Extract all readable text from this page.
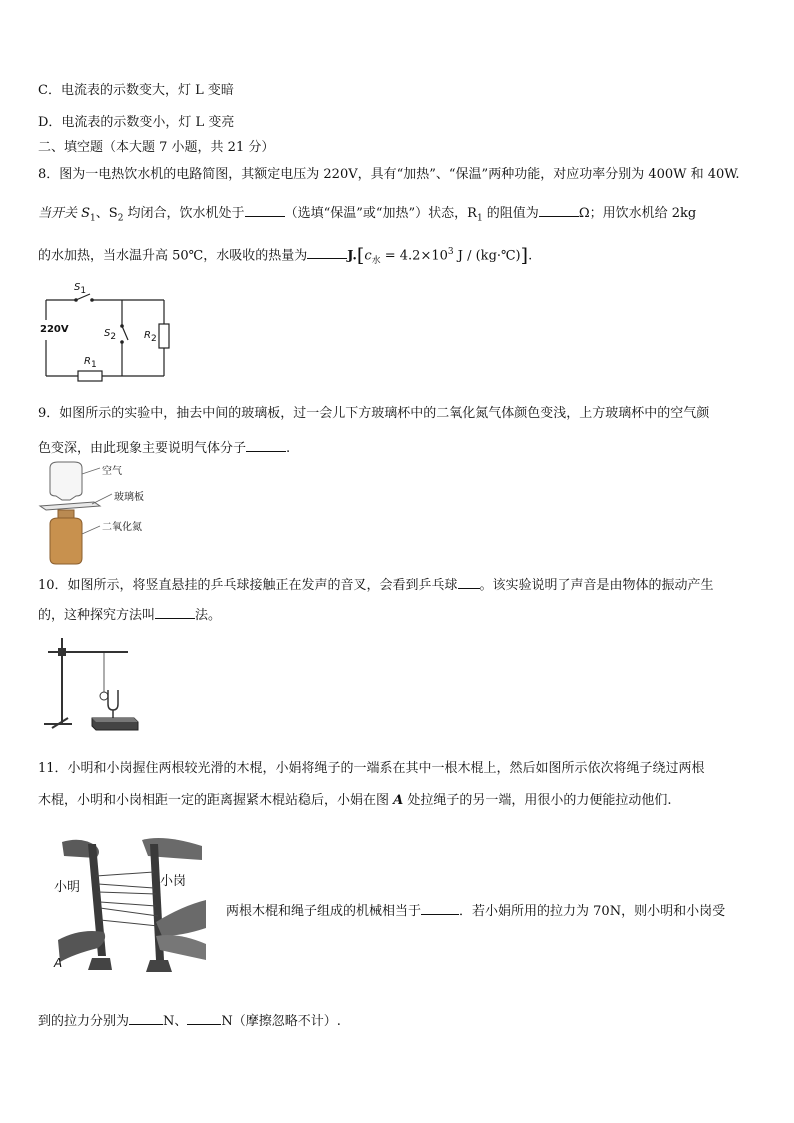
C．电流表的示数变大，灯 L 变暗
D．电流表的示数变小，灯 L 变亮
二、填空题（本大题 7 小题，共 21 分）
8．图为一电热饮水机的电路简图，其额定电压为 220V，具有“加热”、“保温”两种功能，对应功率分别为 400W 和 40W.
当开关 $S_1$、$S_2$ 均闭合，饮水机处于	（选填“保温”或“加热”）状态，$R_1$ 的阻值为	Ω；用饮水机给 2kg
的水加热，当水温升高 50℃，水吸收的热量为	$J.[c_水 = 4.2\times 10^3$ J / (kg·℃)].
S1
220V	S2	R2
R1
9．如图所示的实验中，抽去中间的玻璃板，过一会儿下方玻璃杯中的二氧化氮气体颜色变浅，上方玻璃杯中的空气颜
色变深，由此现象主要说明气体分子	.
空气
玻璃板
二氧化氮
10．如图所示，将竖直悬挂的乒乓球接触正在发声的音叉，会看到乒乓球 。该实验说明了声音是由物体的振动产生
的，这种探究方法叫	法。
11．小明和小岗握住两根较光滑的木棍，小娟将绳子的一端系在其中一根木棍上，然后如图所示依次将绳子绕过两根
木棍，小明和小岗相距一定的距离握紧木棍站稳后，小娟在图 A 处拉绳子的另一端，用很小的力便能拉动他们.
小明	小岗
A
两根木棍和绳子组成的机械相当于	．若小娟所用的拉力为 70N，则小明和小岗受
到的拉力分别为	N、	N（摩擦忽略不计）.
